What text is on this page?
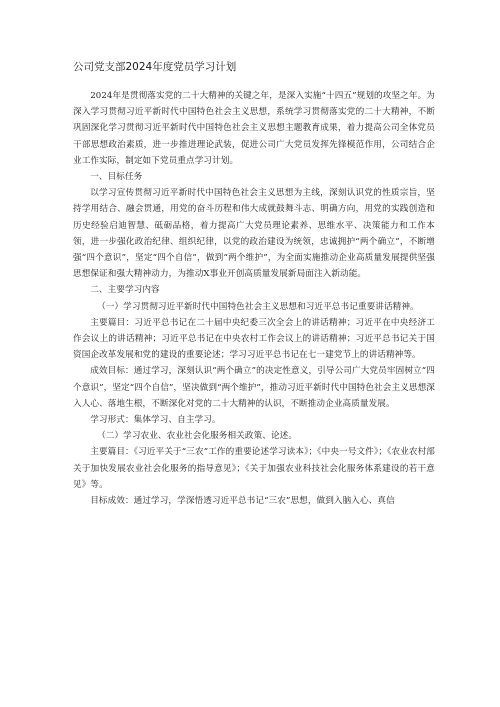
公司党支部2024年度党员学习计划

2024年是贯彻落实党的二十大精神的关键之年，是深入实施“十四五”规划的攻坚之年。为深入学习贯彻习近平新时代中国特色社会主义思想，系统学习贯彻落实党的二十大精神，不断巩固深化学习贯彻习近平新时代中国特色社会主义思想主题教育成果，着力提高公司全体党员干部思想政治素质，进一步推进理论武装，促进公司广大党员发挥先锋模范作用，公司结合企业工作实际，制定如下党员重点学习计划。

一、目标任务

以学习宣传贯彻习近平新时代中国特色社会主义思想为主线，深刻认识党的性质宗旨，坚持学用结合、融会贯通，用党的奋斗历程和伟大成就鼓舞斗志、明确方向，用党的实践创造和历史经验启迪智慧、砥砺品格，着力提高广大党员理论素养、思维水平、决策能力和工作本领，进一步强化政治纪律、组织纪律，以党的政治建设为统领，忠诚拥护“两个确立”，不断增强“四个意识”，坚定“四个自信”，做到“两个维护”，为全面实施推动企业高质量发展提供坚强思想保证和强大精神动力，为推动X事业开创高质量发展新局面注入新动能。

二、主要学习内容

（一）学习贯彻习近平新时代中国特色社会主义思想和习近平总书记重要讲话精神。

主要篇目：习近平总书记在二十届中央纪委三次全会上的讲话精神；习近平在中央经济工作会议上的讲话精神；习近平总书记在中央农村工作会议上的讲话精神；习近平总书记关于国资国企改革发展和党的建设的重要论述；学习习近平总书记在七一建党节上的讲话精神等。

成效目标：通过学习，深刻认识“两个确立”的决定性意义，引导公司广大党员牢固树立“四个意识”，坚定“四个自信”，坚决做到“两个维护”，推动习近平新时代中国特色社会主义思想深入人心、落地生根，不断深化对党的二十大精神的认识，不断推动企业高质量发展。

学习形式：集体学习、自主学习。

（二）学习农业、农业社会化服务相关政策、论述。

主要篇目：《习近平关于“三农”工作的重要论述学习读本》；《中央一号文件》；《农业农村部关于加快发展农业社会化服务的指导意见》；《关于加强农业科技社会化服务体系建设的若干意见》等。

目标成效：通过学习，学深悟透习近平总书记“三农”思想，做到入脑入心、真信
